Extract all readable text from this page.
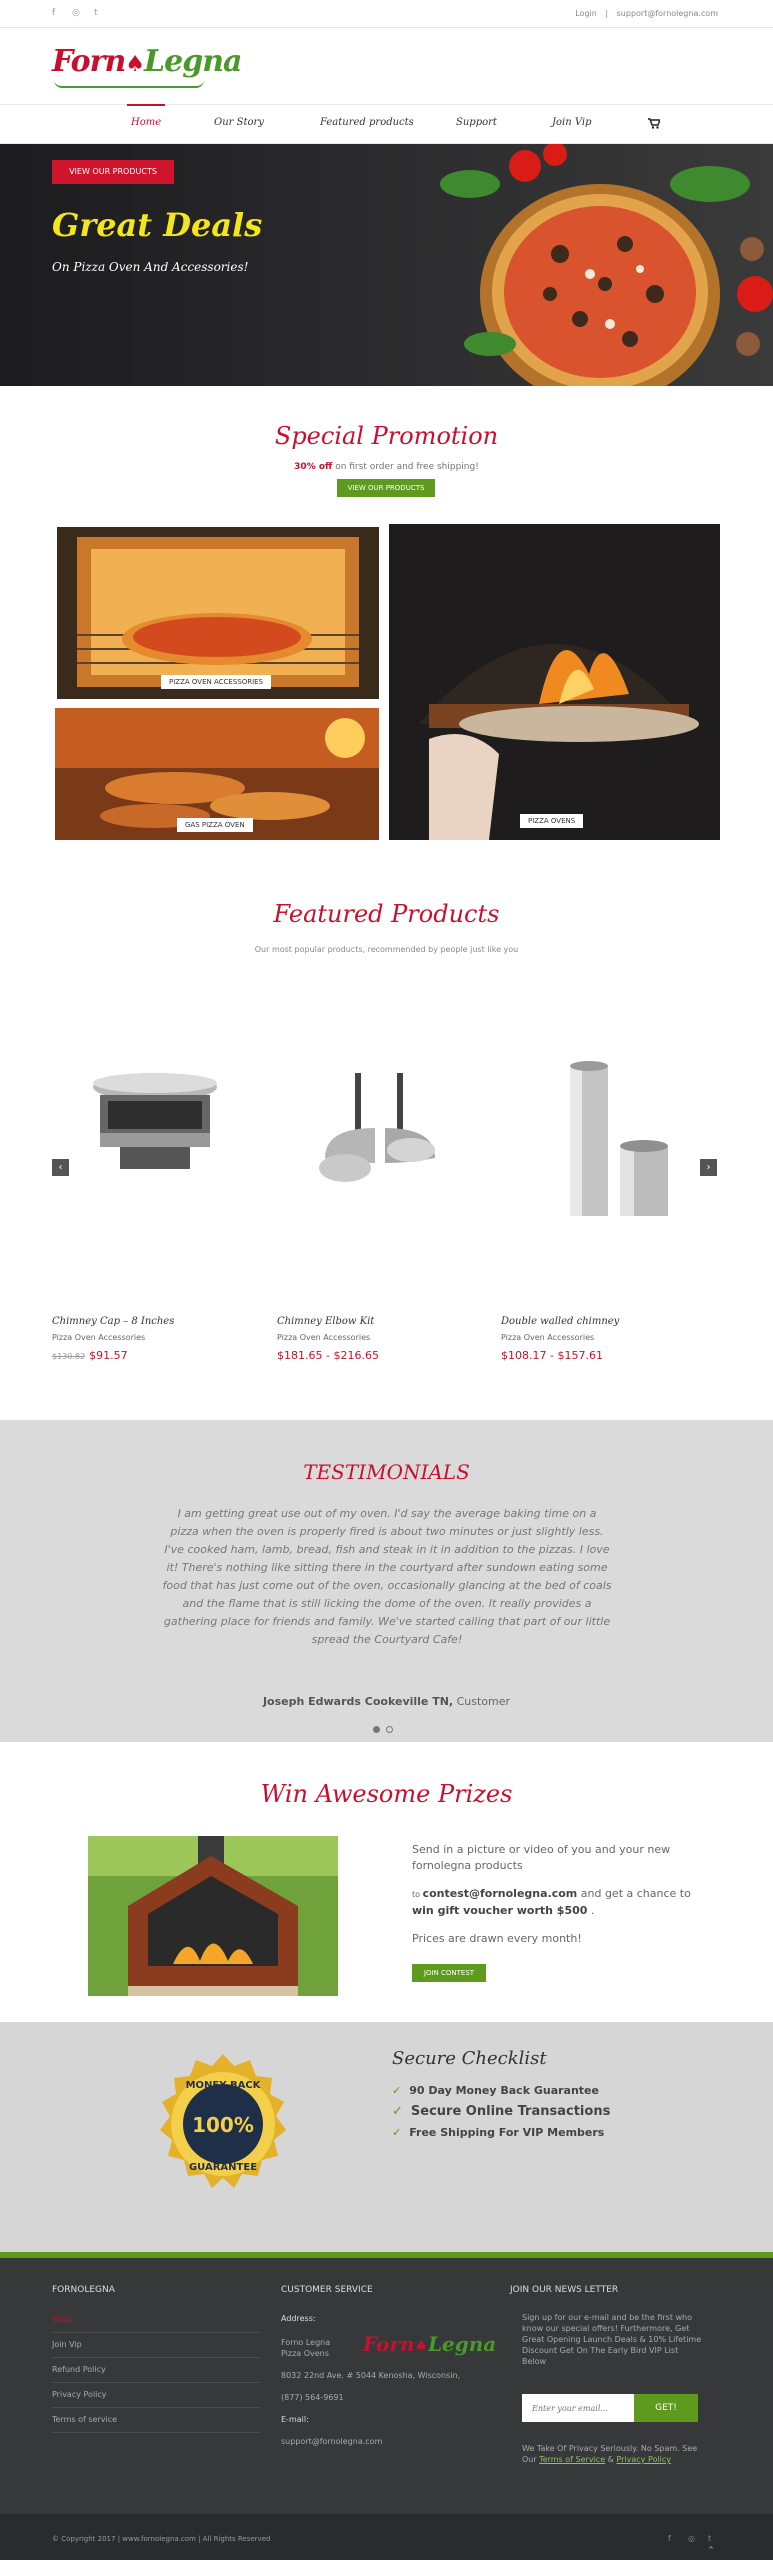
f ◎ t	Login | support@fornolegna.com
Forn♠Legna
Home	Our Story	Featured products	Support	Join Vip
Great Deals
On Pizza Oven And Accessories!
VIEW OUR PRODUCTS
Special Promotion
30% off on first order and free shipping!
VIEW OUR PRODUCTS
PIZZA OVEN ACCESSORIES
GAS PIZZA OVEN	PIZZA OVENS
Featured Products
Our most popular products, recommended by people just like you
‹	›
Chimney Cap – 8 Inches
Pizza Oven Accessories
$130.82 $91.57
Chimney Elbow Kit
Pizza Oven Accessories
$181.65 - $216.65
Double walled chimney
Pizza Oven Accessories
$108.17 - $157.61
TESTIMONIALS
I am getting great use out of my oven. I'd say the average baking time on a pizza when the oven is properly fired is about two minutes or just slightly less. I've cooked ham, lamb, bread, fish and steak in it in addition to the pizzas. I love it! There's nothing like sitting there in the courtyard after sundown eating some food that has just come out of the oven, occasionally glancing at the bed of coals and the flame that is still licking the dome of the oven. It really provides a gathering place for friends and family. We've started calling that part of our little spread the Courtyard Cafe!
Joseph Edwards Cookeville TN, Customer
Win Awesome Prizes

Send in a picture or video of you and your new fornolegna products

to contest@fornolegna.com and get a chance to win gift voucher worth $500 .

Prices are drawn every month!

JOIN CONTEST
MONEY BACK
100%
GUARANTEE
Secure Checklist
✓ 90 Day Money Back Guarantee
✓ Secure Online Transactions
✓ Free Shipping For VIP Members
FORNOLEGNA
Shop
Join Vip
Refund Policy
Privacy Policy
Terms of service
CUSTOMER SERVICE
Address:
Forno Legna
Pizza Ovens Forn♠Legna
8032 22nd Ave. # 5044 Kenosha, Wisconsin,
(877) 564-9691
E-mail:
support@fornolegna.com
JOIN OUR NEWS LETTER
Sign up for our e-mail and be the first who know our special offers! Furthermore, Get Great Opening Launch Deals & 10% Lifetime Discount Get On The Early Bird VIP List Below
Enter your email...
GET!
We Take Of Privacy Seriously. No Spam. See Our Terms of Service & Privacy Policy
© Copyright 2017 | www.fornolegna.com | All Rights Reserved	f ◎ t
⌃
